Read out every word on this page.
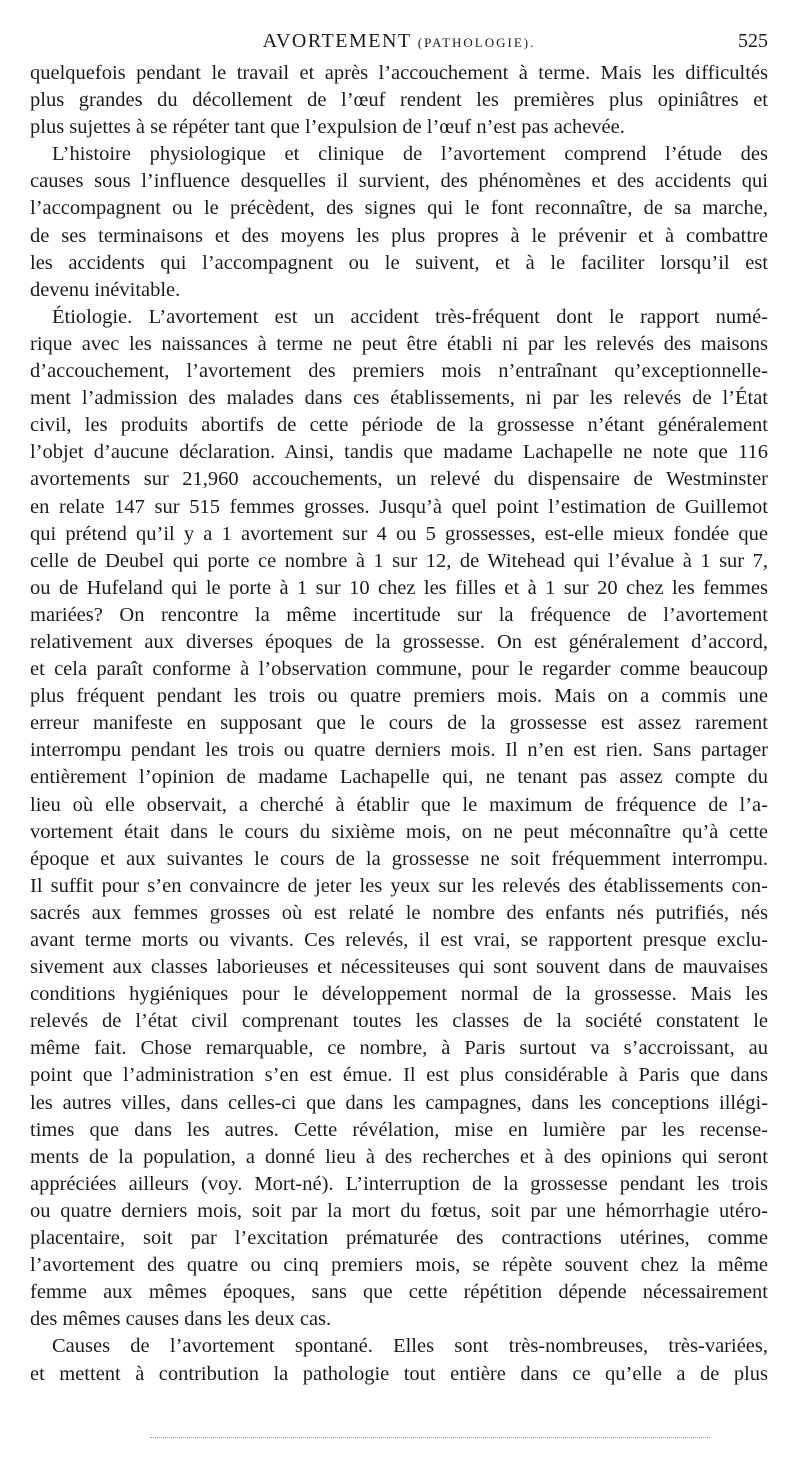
AVORTEMENT (PATHOLOGIE).	525
quelquefois pendant le travail et après l’accouchement à terme. Mais les difficultés
plus grandes du décollement de l’œuf rendent les premières plus opiniâtres et
plus sujettes à se répéter tant que l’expulsion de l’œuf n’est pas achevée.
L’histoire physiologique et clinique de l’avortement comprend l’étude des
causes sous l’influence desquelles il survient, des phénomènes et des accidents qui
l’accompagnent ou le précèdent, des signes qui le font reconnaître, de sa marche,
de ses terminaisons et des moyens les plus propres à le prévenir et à combattre
les accidents qui l’accompagnent ou le suivent, et à le faciliter lorsqu’il est
devenu inévitable.
Étiologie. L’avortement est un accident très-fréquent dont le rapport numé-
rique avec les naissances à terme ne peut être établi ni par les relevés des maisons
d’accouchement, l’avortement des premiers mois n’entraînant qu’exceptionnelle-
ment l’admission des malades dans ces établissements, ni par les relevés de l’État
civil, les produits abortifs de cette période de la grossesse n’étant généralement
l’objet d’aucune déclaration. Ainsi, tandis que madame Lachapelle ne note que 116
avortements sur 21,960 accouchements, un relevé du dispensaire de Westminster
en relate 147 sur 515 femmes grosses. Jusqu’à quel point l’estimation de Guillemot
qui prétend qu’il y a 1 avortement sur 4 ou 5 grossesses, est-elle mieux fondée que
celle de Deubel qui porte ce nombre à 1 sur 12, de Witehead qui l’évalue à 1 sur 7,
ou de Hufeland qui le porte à 1 sur 10 chez les filles et à 1 sur 20 chez les femmes
mariées? On rencontre la même incertitude sur la fréquence de l’avortement
relativement aux diverses époques de la grossesse. On est généralement d’accord,
et cela paraît conforme à l’observation commune, pour le regarder comme beaucoup
plus fréquent pendant les trois ou quatre premiers mois. Mais on a commis une
erreur manifeste en supposant que le cours de la grossesse est assez rarement
interrompu pendant les trois ou quatre derniers mois. Il n’en est rien. Sans partager
entièrement l’opinion de madame Lachapelle qui, ne tenant pas assez compte du
lieu où elle observait, a cherché à établir que le maximum de fréquence de l’a-
vortement était dans le cours du sixième mois, on ne peut méconnaître qu’à cette
époque et aux suivantes le cours de la grossesse ne soit fréquemment interrompu.
Il suffit pour s’en convaincre de jeter les yeux sur les relevés des établissements con-
sacrés aux femmes grosses où est relaté le nombre des enfants nés putrifiés, nés
avant terme morts ou vivants. Ces relevés, il est vrai, se rapportent presque exclu-
sivement aux classes laborieuses et nécessiteuses qui sont souvent dans de mauvaises
conditions hygiéniques pour le développement normal de la grossesse. Mais les
relevés de l’état civil comprenant toutes les classes de la société constatent le
même fait. Chose remarquable, ce nombre, à Paris surtout va s’accroissant, au
point que l’administration s’en est émue. Il est plus considérable à Paris que dans
les autres villes, dans celles-ci que dans les campagnes, dans les conceptions illégi-
times que dans les autres. Cette révélation, mise en lumière par les recense-
ments de la population, a donné lieu à des recherches et à des opinions qui seront
appréciées ailleurs (voy. Mort-né). L’interruption de la grossesse pendant les trois
ou quatre derniers mois, soit par la mort du fœtus, soit par une hémorrhagie utéro-
placentaire, soit par l’excitation prématurée des contractions utérines, comme
l’avortement des quatre ou cinq premiers mois, se répète souvent chez la même
femme aux mêmes époques, sans que cette répétition dépende nécessairement
des mêmes causes dans les deux cas.
Causes de l’avortement spontané. Elles sont très-nombreuses, très-variées,
et mettent à contribution la pathologie tout entière dans ce qu’elle a de plus
